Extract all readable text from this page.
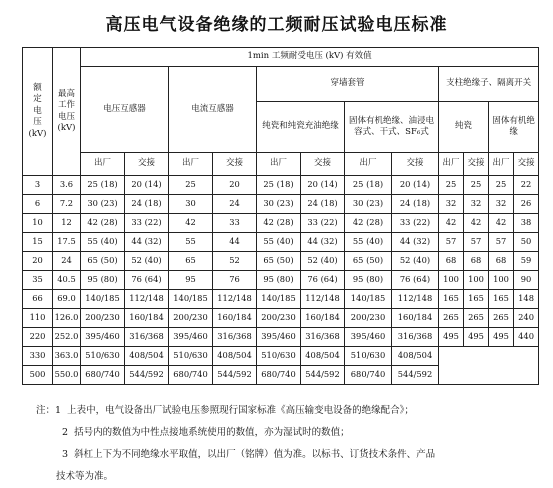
高压电气设备绝缘的工频耐压试验电压标准
额
定
电
压
(kV)	最高
工作
电压
(kV)	1min 工频耐受电压 (kV) 有效值											
		电压互感器		电流互感器		穿墙套管				支柱绝缘子、隔离开关			
						纯瓷和纯瓷充油绝缘		固体有机绝缘、油浸电容式、干式、SF₆式		纯瓷		固体有机绝缘	
		出厂	交接	出厂	交接	出厂	交接	出厂	交接	出厂	交接	出厂	交接
3	3.6	25 (18)	20 (14)	25	20	25 (18)	20 (14)	25 (18)	20 (14)	25	25	25	22
6	7.2	30 (23)	24 (18)	30	24	30 (23)	24 (18)	30 (23)	24 (18)	32	32	32	26
10	12	42 (28)	33 (22)	42	33	42 (28)	33 (22)	42 (28)	33 (22)	42	42	42	38
15	17.5	55 (40)	44 (32)	55	44	55 (40)	44 (32)	55 (40)	44 (32)	57	57	57	50
20	24	65 (50)	52 (40)	65	52	65 (50)	52 (40)	65 (50)	52 (40)	68	68	68	59
35	40.5	95 (80)	76 (64)	95	76	95 (80)	76 (64)	95 (80)	76 (64)	100	100	100	90
66	69.0	140/185	112/148	140/185	112/148	140/185	112/148	140/185	112/148	165	165	165	148
110	126.0	200/230	160/184	200/230	160/184	200/230	160/184	200/230	160/184	265	265	265	240
220	252.0	395/460	316/368	395/460	316/368	395/460	316/368	395/460	316/368	495	495	495	440
330	363.0	510/630	408/504	510/630	408/504	510/630	408/504	510/630	408/504				
500	550.0	680/740	544/592	680/740	544/592	680/740	544/592	680/740	544/592				
注：1 上表中，电气设备出厂试验电压参照现行国家标准《高压输变电设备的绝缘配合》；
2 括号内的数值为中性点接地系统使用的数值，亦为湿试时的数值；
3 斜杠上下为不同绝缘水平取值，以出厂（铭牌）值为准。以标书、订货技术条件、产品
技术等为准。
